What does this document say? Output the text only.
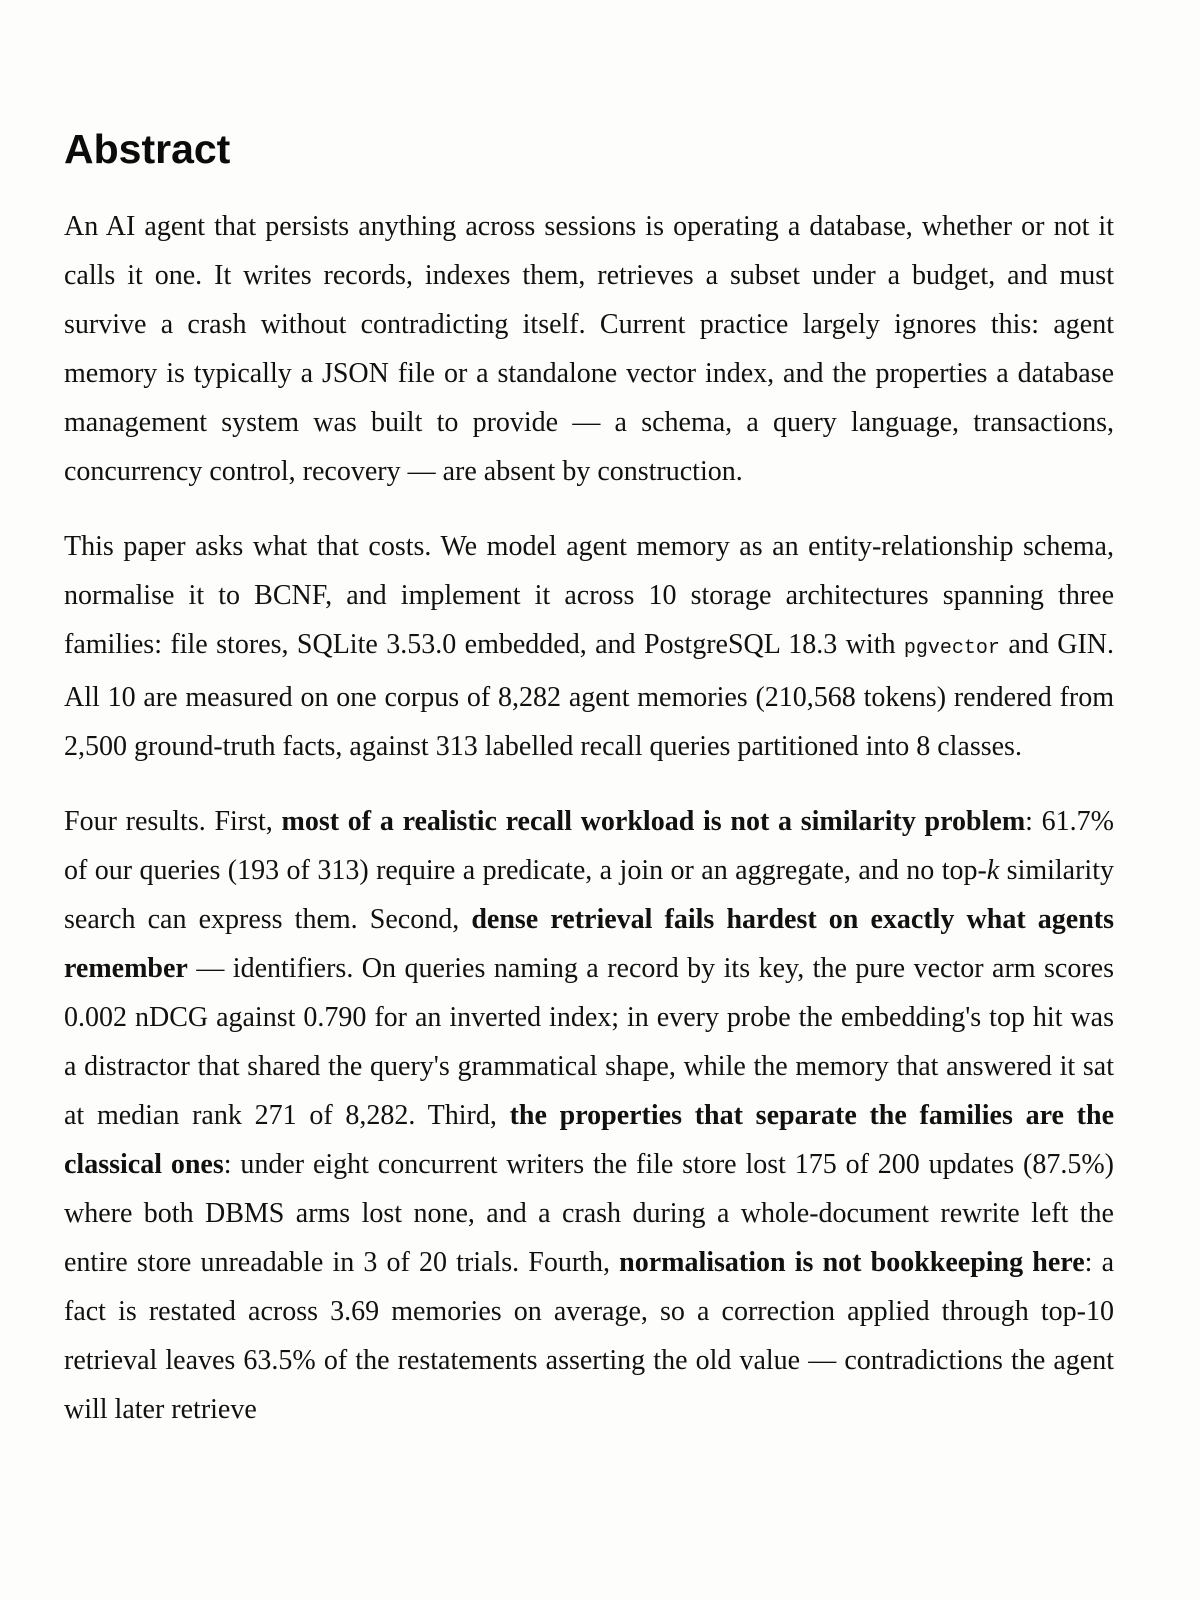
Abstract

An AI agent that persists anything across sessions is operating a database, whether or not it calls it one. It writes records, indexes them, retrieves a subset under a budget, and must survive a crash without contradicting itself. Current practice largely ignores this: agent memory is typically a JSON file or a standalone vector index, and the properties a database management system was built to provide — a schema, a query language, transactions, concurrency control, recovery — are absent by construction.

This paper asks what that costs. We model agent memory as an entity-relationship schema, normalise it to BCNF, and implement it across 10 storage architectures spanning three families: file stores, SQLite 3.53.0 embedded, and PostgreSQL 18.3 with pgvector and GIN. All 10 are measured on one corpus of 8,282 agent memories (210,568 tokens) rendered from 2,500 ground-truth facts, against 313 labelled recall queries partitioned into 8 classes.

Four results. First, most of a realistic recall workload is not a similarity problem: 61.7% of our queries (193 of 313) require a predicate, a join or an aggregate, and no top-k similarity search can express them. Second, dense retrieval fails hardest on exactly what agents remember — identifiers. On queries naming a record by its key, the pure vector arm scores 0.002 nDCG against 0.790 for an inverted index; in every probe the embedding's top hit was a distractor that shared the query's grammatical shape, while the memory that answered it sat at median rank 271 of 8,282. Third, the properties that separate the families are the classical ones: under eight concurrent writers the file store lost 175 of 200 updates (87.5%) where both DBMS arms lost none, and a crash during a whole-document rewrite left the entire store unreadable in 3 of 20 trials. Fourth, normalisation is not bookkeeping here: a fact is restated across 3.69 memories on average, so a correction applied through top-10 retrieval leaves 63.5% of the restatements asserting the old value — contradictions the agent will later retrieve
